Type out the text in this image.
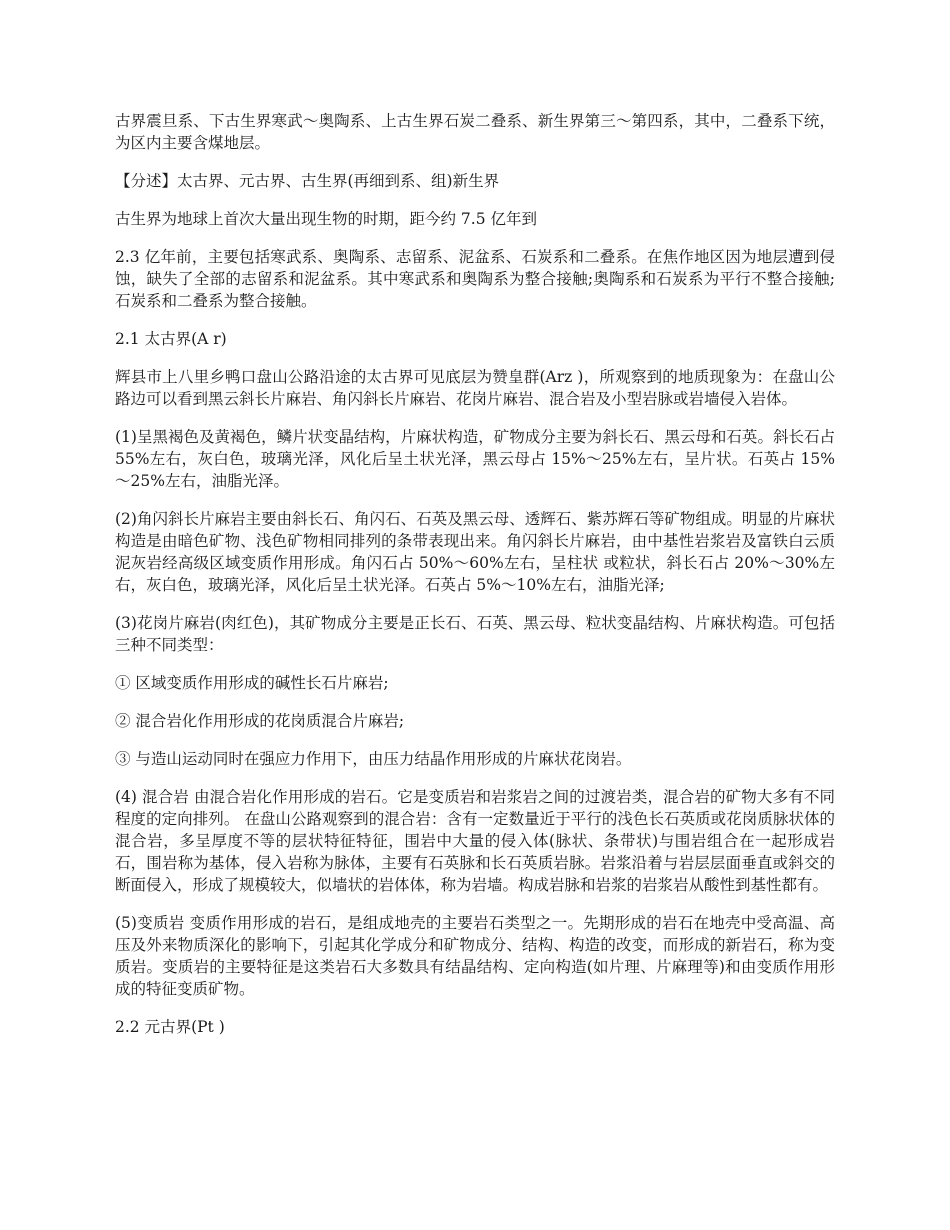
古界震旦系、下古生界寒武～奥陶系、上古生界石炭二叠系、新生界第三～第四系，其中，二叠系下统，为区内主要含煤地层。

【分述】太古界、元古界、古生界(再细到系、组)新生界

古生界为地球上首次大量出现生物的时期，距今约 7.5 亿年到

2.3 亿年前，主要包括寒武系、奥陶系、志留系、泥盆系、石炭系和二叠系。在焦作地区因为地层遭到侵蚀，缺失了全部的志留系和泥盆系。其中寒武系和奥陶系为整合接触;奥陶系和石炭系为平行不整合接触;石炭系和二叠系为整合接触。

2.1 太古界(A r)

辉县市上八里乡鸭口盘山公路沿途的太古界可见底层为赞皇群(Arz )，所观察到的地质现象为：在盘山公路边可以看到黑云斜长片麻岩、角闪斜长片麻岩、花岗片麻岩、混合岩及小型岩脉或岩墙侵入岩体。

(1)呈黑褐色及黄褐色，鳞片状变晶结构，片麻状构造，矿物成分主要为斜长石、黑云母和石英。斜长石占 55%左右，灰白色，玻璃光泽，风化后呈土状光泽，黑云母占 15%～25%左右，呈片状。石英占 15%～25%左右，油脂光泽。

(2)角闪斜长片麻岩主要由斜长石、角闪石、石英及黑云母、透辉石、紫苏辉石等矿物组成。明显的片麻状构造是由暗色矿物、浅色矿物相同排列的条带表现出来。角闪斜长片麻岩，由中基性岩浆岩及富铁白云质泥灰岩经高级区域变质作用形成。角闪石占 50%～60%左右，呈柱状 或粒状，斜长石占 20%～30%左右，灰白色，玻璃光泽，风化后呈土状光泽。石英占 5%～10%左右，油脂光泽;

(3)花岗片麻岩(肉红色)，其矿物成分主要是正长石、石英、黑云母、粒状变晶结构、片麻状构造。可包括三种不同类型：

① 区域变质作用形成的碱性长石片麻岩;

② 混合岩化作用形成的花岗质混合片麻岩;

③ 与造山运动同时在强应力作用下，由压力结晶作用形成的片麻状花岗岩。

(4) 混合岩 由混合岩化作用形成的岩石。它是变质岩和岩浆岩之间的过渡岩类，混合岩的矿物大多有不同程度的定向排列。 在盘山公路观察到的混合岩：含有一定数量近于平行的浅色长石英质或花岗质脉状体的混合岩，多呈厚度不等的层状特征特征，围岩中大量的侵入体(脉状、条带状)与围岩组合在一起形成岩石，围岩称为基体，侵入岩称为脉体，主要有石英脉和长石英质岩脉。岩浆沿着与岩层层面垂直或斜交的断面侵入，形成了规模较大，似墙状的岩体体，称为岩墙。构成岩脉和岩浆的岩浆岩从酸性到基性都有。

(5)变质岩 变质作用形成的岩石，是组成地壳的主要岩石类型之一。先期形成的岩石在地壳中受高温、高压及外来物质深化的影响下，引起其化学成分和矿物成分、结构、构造的改变，而形成的新岩石，称为变质岩。变质岩的主要特征是这类岩石大多数具有结晶结构、定向构造(如片理、片麻理等)和由变质作用形成的特征变质矿物。

2.2 元古界(Pt )
